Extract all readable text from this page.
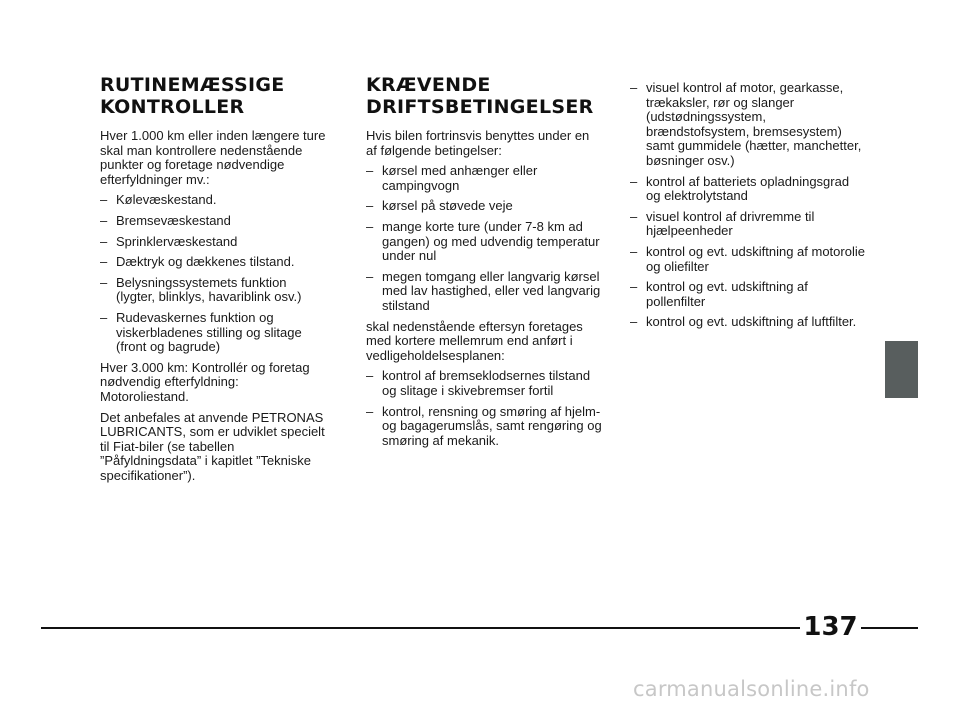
RUTINEMÆSSIGE
KONTROLLER

Hver 1.000 km eller inden længere ture skal man kontrollere nedenstående punkter og foretage nødvendige efterfyldninger mv.:

– Kølevæskestand.
– Bremsevæskestand
– Sprinklervæskestand
– Dæktryk og dækkenes tilstand.
– Belysningssystemets funktion (lygter, blinklys, havariblink osv.)
– Rudevaskernes funktion og viskerbladenes stilling og slitage (front og bagrude)

Hver 3.000 km: Kontrollér og foretag nødvendig efterfyldning: Motoroliestand.

Det anbefales at anvende PETRONAS LUBRICANTS, som er udviklet specielt til Fiat-biler (se tabellen ”Påfyldningsdata” i kapitlet ”Tekniske specifikationer”).

KRÆVENDE
DRIFTSBETINGELSER

Hvis bilen fortrinsvis benyttes under en af følgende betingelser:

– kørsel med anhænger eller campingvogn
– kørsel på støvede veje
– mange korte ture (under 7-8 km ad gangen) og med udvendig temperatur under nul
– megen tomgang eller langvarig kørsel med lav hastighed, eller ved langvarig stilstand

skal nedenstående eftersyn foretages med kortere mellemrum end anført i vedligeholdelsesplanen:

– kontrol af bremseklodsernes tilstand og slitage i skivebremser fortil
– kontrol, rensning og smøring af hjelm- og bagagerumslås, samt rengøring og smøring af mekanik.
– visuel kontrol af motor, gearkasse, trækaksler, rør og slanger (udstødningssystem, brændstofsystem, bremsesystem) samt gummidele (hætter, manchetter, bøsninger osv.)
– kontrol af batteriets opladningsgrad og elektrolytstand
– visuel kontrol af drivremme til hjælpeenheder
– kontrol og evt. udskiftning af motorolie og oliefilter
– kontrol og evt. udskiftning af pollenfilter
– kontrol og evt. udskiftning af luftfilter.
137
carmanualsonline.info
